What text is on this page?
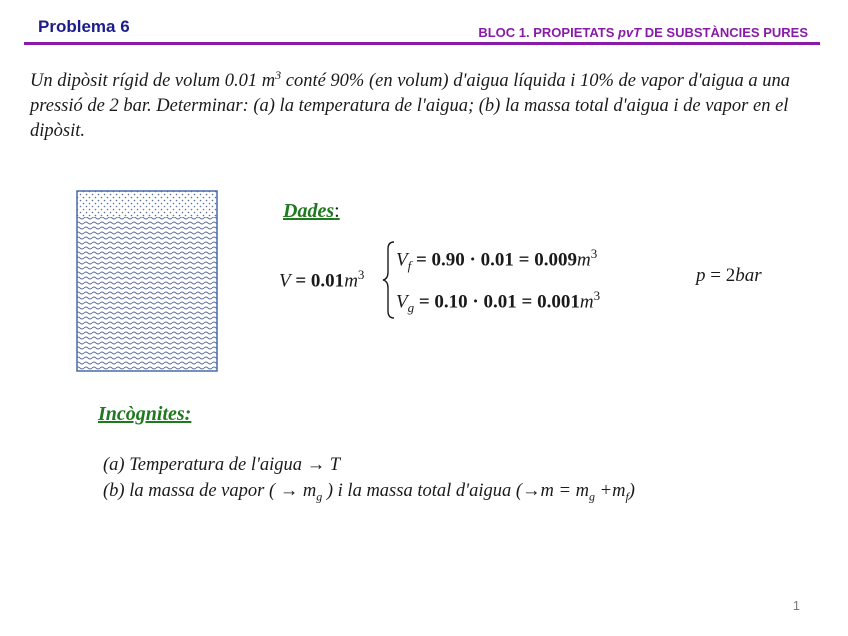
Problema 6	BLOC 1. PROPIETATS pvT DE SUBSTÀNCIES PURES
Un dipòsit rígid de volum 0.01 $m^3$ conté 90% (en volum) d'aigua líquida i 10% de vapor d'aigua a una pressió de 2 bar. Determinar: (a) la temperatura de l'aigua; (b) la massa total d'aigua i de vapor en el dipòsit.
Dades:
$V = 0.01m^3$
$V_f = 0.90 \cdot 0.01 = 0.009m^3$
$V_g = 0.10 \cdot 0.01 = 0.001m^3$
p = 2bar
Incògnites:
(a) Temperatura de l'aigua → T
(b) la massa de vapor ( → $m_g$ ) i la massa total d'aigua $(\to m = m_g +m_f)$
1
